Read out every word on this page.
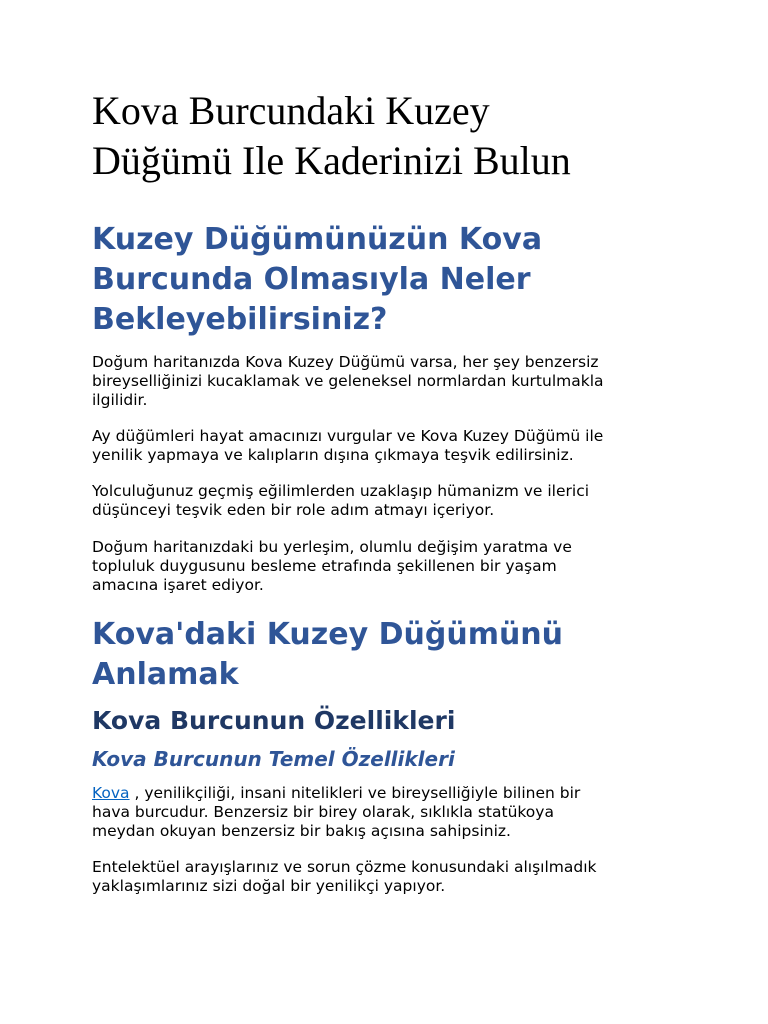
Kova Burcundaki Kuzey
Düğümü Ile Kaderinizi Bulun
Kuzey Düğümünüzün Kova
Burcunda Olmasıyla Neler
Bekleyebilirsiniz?

Doğum haritanızda Kova Kuzey Düğümü varsa, her şey benzersiz
bireyselliğinizi kucaklamak ve geleneksel normlardan kurtulmakla
ilgilidir.

Ay düğümleri hayat amacınızı vurgular ve Kova Kuzey Düğümü ile
yenilik yapmaya ve kalıpların dışına çıkmaya teşvik edilirsiniz.

Yolculuğunuz geçmiş eğilimlerden uzaklaşıp hümanizm ve ilerici
düşünceyi teşvik eden bir role adım atmayı içeriyor.

Doğum haritanızdaki bu yerleşim, olumlu değişim yaratma ve
topluluk duygusunu besleme etrafında şekillenen bir yaşam
amacına işaret ediyor.

Kova'daki Kuzey Düğümünü
Anlamak
Kova Burcunun Özellikleri
Kova Burcunun Temel Özellikleri

Kova , yenilikçiliği, insani nitelikleri ve bireyselliğiyle bilinen bir
hava burcudur. Benzersiz bir birey olarak, sıklıkla statükoya
meydan okuyan benzersiz bir bakış açısına sahipsiniz.

Entelektüel arayışlarınız ve sorun çözme konusundaki alışılmadık
yaklaşımlarınız sizi doğal bir yenilikçi yapıyor.
